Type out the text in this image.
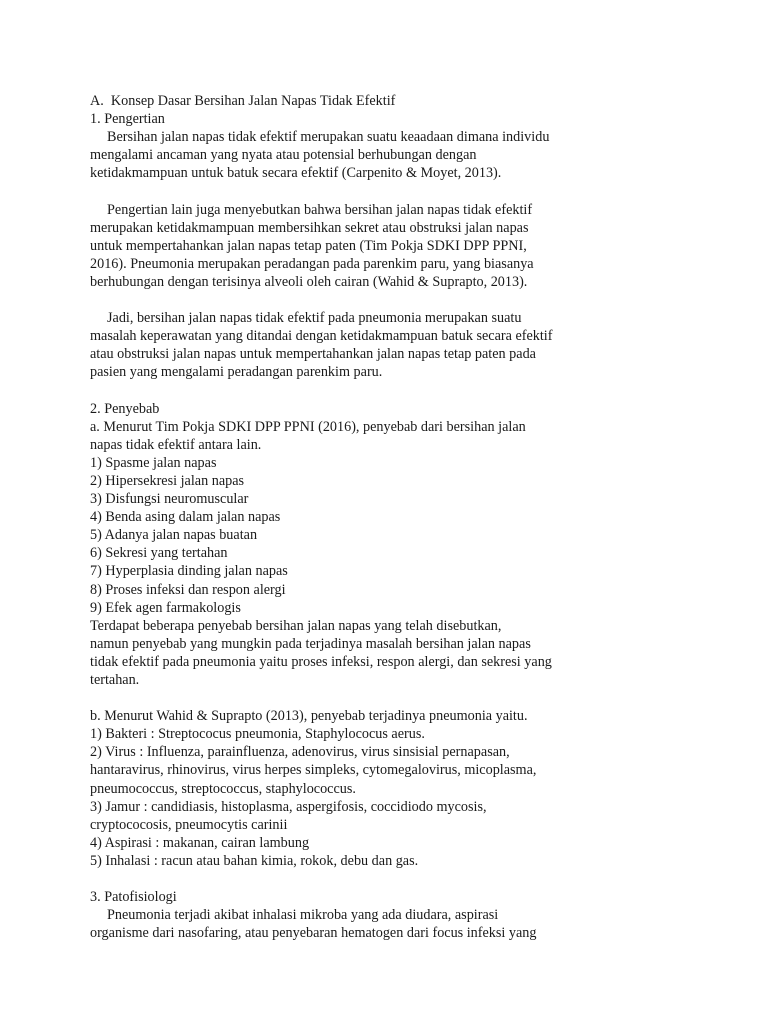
A.  Konsep Dasar Bersihan Jalan Napas Tidak Efektif
1. Pengertian
Bersihan jalan napas tidak efektif merupakan suatu keaadaan dimana individu
mengalami ancaman yang nyata atau potensial berhubungan dengan
ketidakmampuan untuk batuk secara efektif (Carpenito & Moyet, 2013).
Pengertian lain juga menyebutkan bahwa bersihan jalan napas tidak efektif
merupakan ketidakmampuan membersihkan sekret atau obstruksi jalan napas
untuk mempertahankan jalan napas tetap paten (Tim Pokja SDKI DPP PPNI,
2016). Pneumonia merupakan peradangan pada parenkim paru, yang biasanya
berhubungan dengan terisinya alveoli oleh cairan (Wahid & Suprapto, 2013).
Jadi, bersihan jalan napas tidak efektif pada pneumonia merupakan suatu
masalah keperawatan yang ditandai dengan ketidakmampuan batuk secara efektif
atau obstruksi jalan napas untuk mempertahankan jalan napas tetap paten pada
pasien yang mengalami peradangan parenkim paru.
2. Penyebab
a. Menurut Tim Pokja SDKI DPP PPNI (2016), penyebab dari bersihan jalan
napas tidak efektif antara lain.
1) Spasme jalan napas
2) Hipersekresi jalan napas
3) Disfungsi neuromuscular
4) Benda asing dalam jalan napas
5) Adanya jalan napas buatan
6) Sekresi yang tertahan
7) Hyperplasia dinding jalan napas
8) Proses infeksi dan respon alergi
9) Efek agen farmakologis
Terdapat beberapa penyebab bersihan jalan napas yang telah disebutkan,
namun penyebab yang mungkin pada terjadinya masalah bersihan jalan napas
tidak efektif pada pneumonia yaitu proses infeksi, respon alergi, dan sekresi yang
tertahan.
b. Menurut Wahid & Suprapto (2013), penyebab terjadinya pneumonia yaitu.
1) Bakteri : Streptococus pneumonia, Staphylococus aerus.
2) Virus : Influenza, parainfluenza, adenovirus, virus sinsisial pernapasan,
hantaravirus, rhinovirus, virus herpes simpleks, cytomegalovirus, micoplasma,
pneumococcus, streptococcus, staphylococcus.
3) Jamur : candidiasis, histoplasma, aspergifosis, coccidiodo mycosis,
cryptococosis, pneumocytis carinii
4) Aspirasi : makanan, cairan lambung
5) Inhalasi : racun atau bahan kimia, rokok, debu dan gas.
3. Patofisiologi
Pneumonia terjadi akibat inhalasi mikroba yang ada diudara, aspirasi
organisme dari nasofaring, atau penyebaran hematogen dari focus infeksi yang
